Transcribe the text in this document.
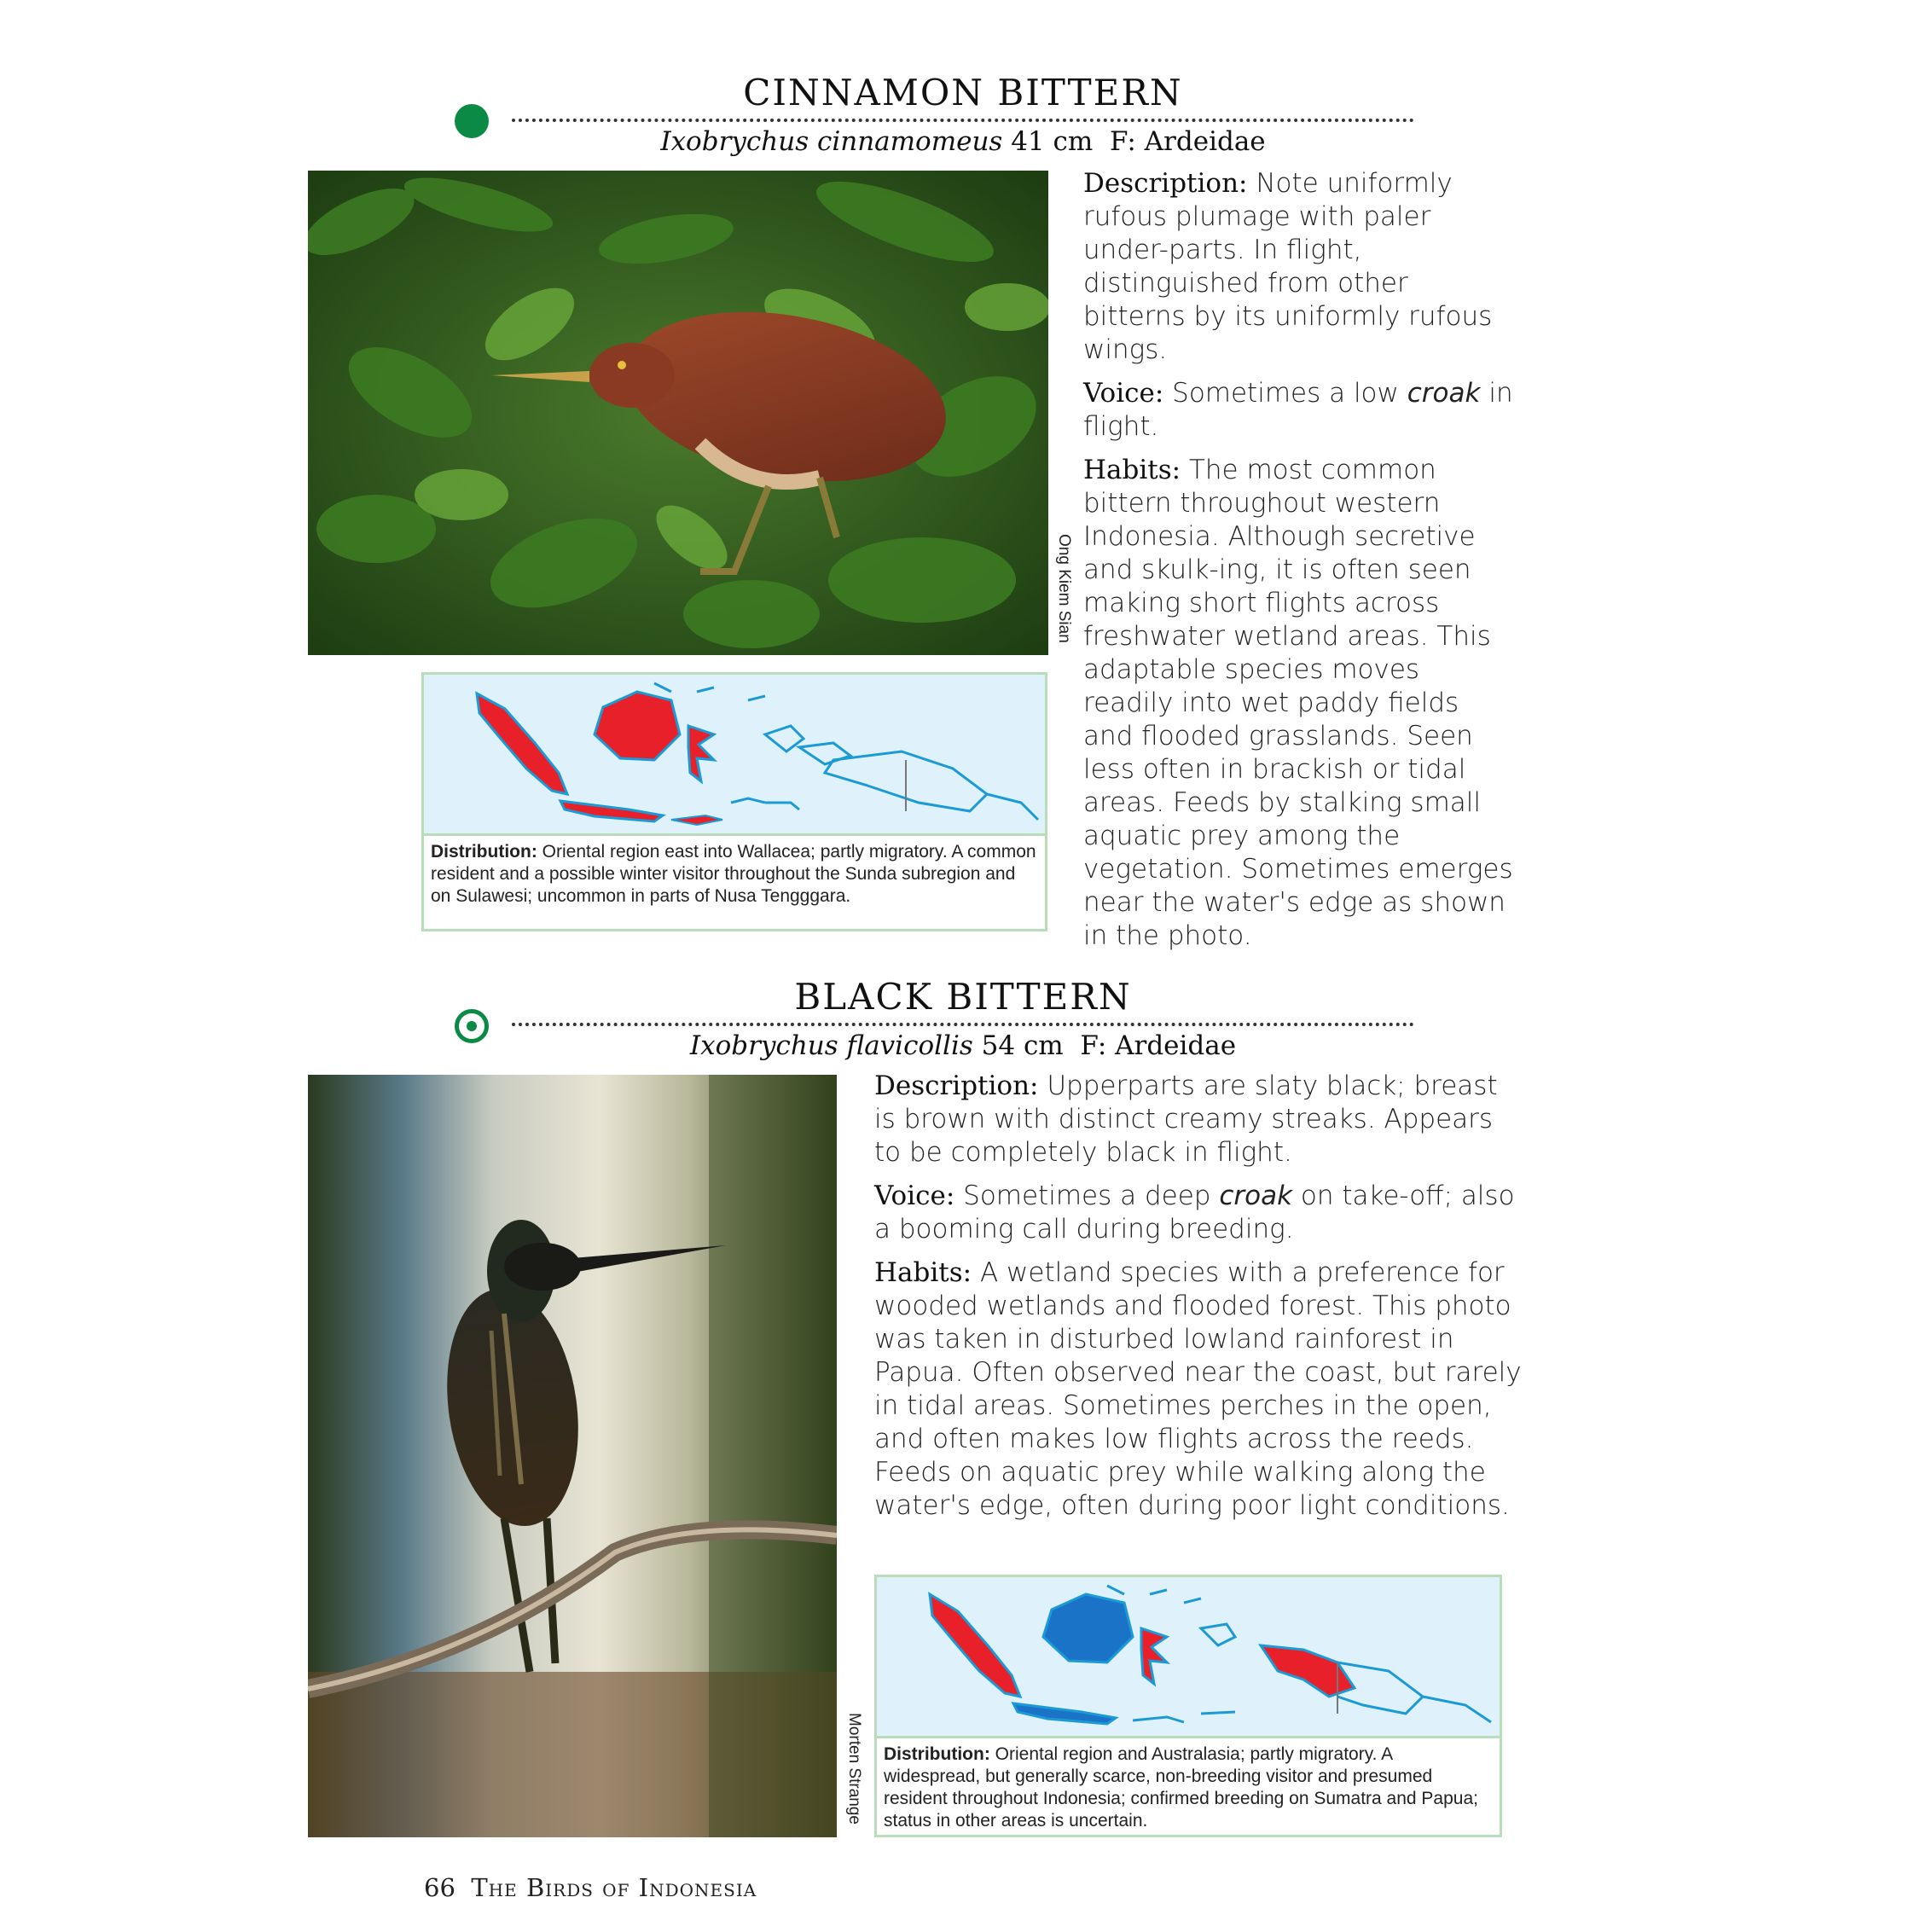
CINNAMON BITTERN
Ixobrychus cinnamomeus 41 cm F: Ardeidae
Ong Kiem Sian
Distribution: Oriental region east into Wallacea; partly migratory. A common resident and a possible winter visitor throughout the Sunda subregion and on Sulawesi; uncommon in parts of Nusa Tengggara.

Description: Note uniformly rufous plumage with paler under-parts. In flight, distinguished from other bitterns by its uniformly rufous wings.

Voice: Sometimes a low croak in flight.

Habits: The most common bittern throughout western Indonesia. Although secretive and skulk-ing, it is often seen making short flights across freshwater wetland areas. This adaptable species moves readily into wet paddy fields and flooded grasslands. Seen less often in brackish or tidal areas. Feeds by stalking small aquatic prey among the vegetation. Sometimes emerges near the water's edge as shown in the photo.

BLACK BITTERN
Ixobrychus flavicollis 54 cm F: Ardeidae
Morten Strange

Description: Upperparts are slaty black; breast is brown with distinct creamy streaks. Appears to be completely black in flight.

Voice: Sometimes a deep croak on take-off; also a booming call during breeding.

Habits: A wetland species with a preference for wooded wetlands and flooded forest. This photo was taken in disturbed lowland rainforest in Papua. Often observed near the coast, but rarely in tidal areas. Sometimes perches in the open, and often makes low flights across the reeds. Feeds on aquatic prey while walking along the water's edge, often during poor light conditions.

Distribution: Oriental region and Australasia; partly migratory. A widespread, but generally scarce, non-breeding visitor and presumed resident throughout Indonesia; confirmed breeding on Sumatra and Papua; status in other areas is uncertain.
66 The Birds of Indonesia
